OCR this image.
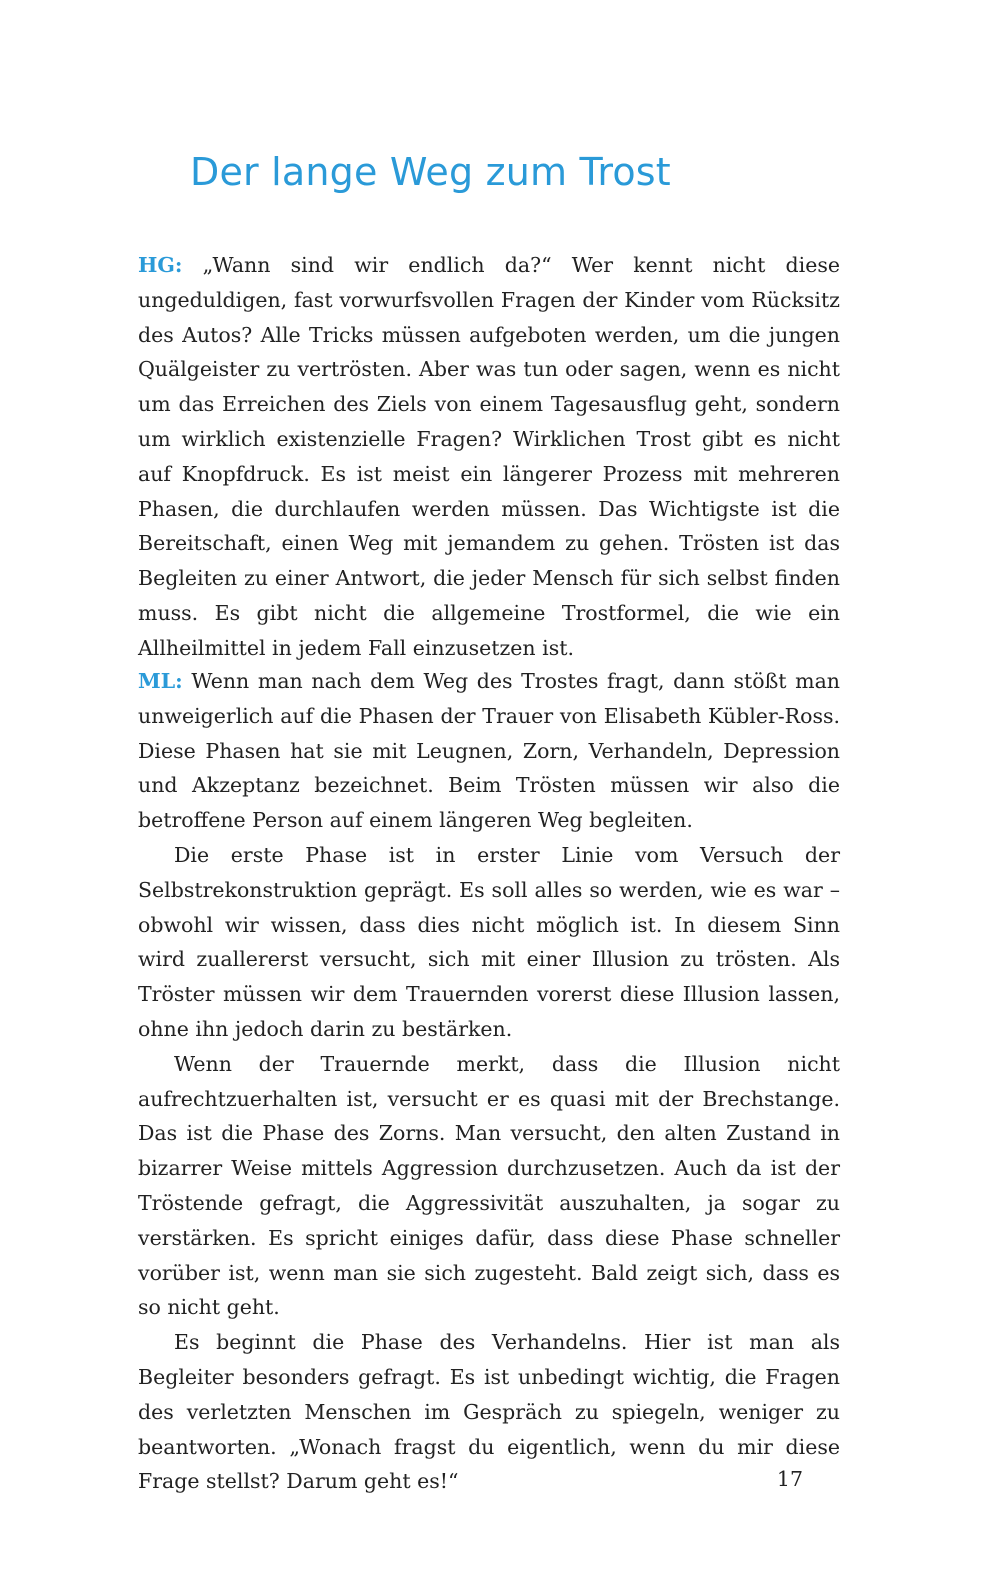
Der lange Weg zum Trost

HG: „Wann sind wir endlich da?“ Wer kennt nicht diese ungeduldigen, fast vorwurfsvollen Fragen der Kinder vom Rücksitz des Autos? Alle Tricks müssen aufgeboten werden, um die jungen Quälgeister zu vertrösten. Aber was tun oder sagen, wenn es nicht um das Erreichen des Ziels von einem Tagesausflug geht, sondern um wirklich existenzielle Fragen? Wirklichen Trost gibt es nicht auf Knopfdruck. Es ist meist ein längerer Prozess mit mehreren Phasen, die durchlaufen werden müssen. Das Wichtigste ist die Bereitschaft, einen Weg mit jemandem zu gehen. Trösten ist das Begleiten zu einer Antwort, die jeder Mensch für sich selbst finden muss. Es gibt nicht die allgemeine Trostformel, die wie ein Allheilmittel in jedem Fall einzusetzen ist.

ML: Wenn man nach dem Weg des Trostes fragt, dann stößt man unweigerlich auf die Phasen der Trauer von Elisabeth Kübler-Ross. Diese Phasen hat sie mit Leugnen, Zorn, Verhandeln, Depression und Akzeptanz bezeichnet. Beim Trösten müssen wir also die betroffene Person auf einem längeren Weg begleiten.

Die erste Phase ist in erster Linie vom Versuch der Selbstrekonstruktion geprägt. Es soll alles so werden, wie es war – obwohl wir wissen, dass dies nicht möglich ist. In diesem Sinn wird zuallererst versucht, sich mit einer Illusion zu trösten. Als Tröster müssen wir dem Trauernden vorerst diese Illusion lassen, ohne ihn jedoch darin zu bestärken.

Wenn der Trauernde merkt, dass die Illusion nicht aufrechtzuerhalten ist, versucht er es quasi mit der Brechstange. Das ist die Phase des Zorns. Man versucht, den alten Zustand in bizarrer Weise mittels Aggression durchzusetzen. Auch da ist der Tröstende gefragt, die Aggressivität auszuhalten, ja sogar zu verstärken. Es spricht einiges dafür, dass diese Phase schneller vorüber ist, wenn man sie sich zugesteht. Bald zeigt sich, dass es so nicht geht.

Es beginnt die Phase des Verhandelns. Hier ist man als Begleiter besonders gefragt. Es ist unbedingt wichtig, die Fragen des verletzten Menschen im Gespräch zu spiegeln, weniger zu beantworten. „Wonach fragst du eigentlich, wenn du mir diese Frage stellst? Darum geht es!“	17
